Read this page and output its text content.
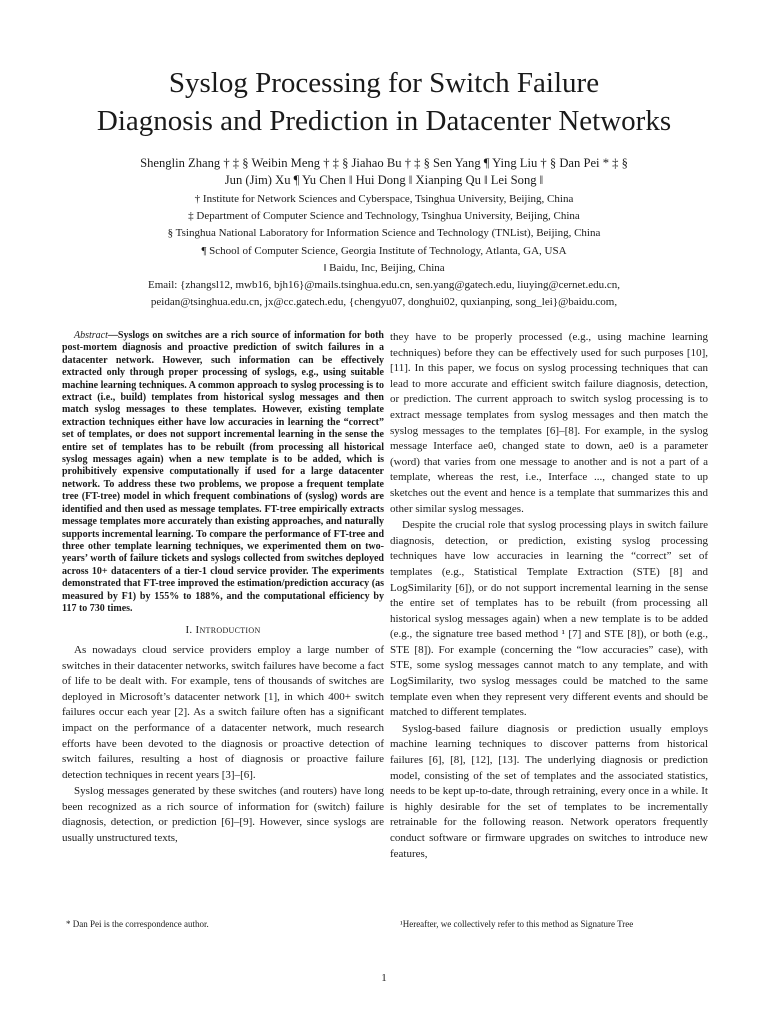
Syslog Processing for Switch Failure
Diagnosis and Prediction in Datacenter Networks
Shenglin Zhang † ‡ § Weibin Meng † ‡ § Jiahao Bu † ‡ § Sen Yang ¶ Ying Liu † § Dan Pei * ‡ §
Jun (Jim) Xu ¶ Yu Chen ‖ Hui Dong ‖ Xianping Qu ‖ Lei Song ‖
† Institute for Network Sciences and Cyberspace, Tsinghua University, Beijing, China
‡ Department of Computer Science and Technology, Tsinghua University, Beijing, China
§ Tsinghua National Laboratory for Information Science and Technology (TNList), Beijing, China
¶ School of Computer Science, Georgia Institute of Technology, Atlanta, GA, USA
‖ Baidu, Inc, Beijing, China
Email: {zhangsl12, mwb16, bjh16}@mails.tsinghua.edu.cn, sen.yang@gatech.edu, liuying@cernet.edu.cn,
peidan@tsinghua.edu.cn, jx@cc.gatech.edu, {chengyu07, donghui02, quxianping, song_lei}@baidu.com,

Abstract—Syslogs on switches are a rich source of information for both post-mortem diagnosis and proactive prediction of switch failures in a datacenter network. However, such information can be effectively extracted only through proper processing of syslogs, e.g., using suitable machine learning techniques. A common approach to syslog processing is to extract (i.e., build) templates from historical syslog messages and then match syslog messages to these templates. However, existing template extraction techniques either have low accuracies in learning the “correct” set of templates, or does not support incremental learning in the sense the entire set of templates has to be rebuilt (from processing all historical syslog messages again) when a new template is to be added, which is prohibitively expensive computationally if used for a large datacenter network. To address these two problems, we propose a frequent template tree (FT-tree) model in which frequent combinations of (syslog) words are identified and then used as message templates. FT-tree empirically extracts message templates more accurately than existing approaches, and naturally supports incremental learning. To compare the performance of FT-tree and three other template learning techniques, we experimented them on two-years’ worth of failure tickets and syslogs collected from switches deployed across 10+ datacenters of a tier-1 cloud service provider. The experiments demonstrated that FT-tree improved the estimation/prediction accuracy (as measured by F1) by 155% to 188%, and the computational efficiency by 117 to 730 times.

I. Introduction

As nowadays cloud service providers employ a large number of switches in their datacenter networks, switch failures have become a fact of life to be dealt with. For example, tens of thousands of switches are deployed in Microsoft’s datacenter network [1], in which 400+ switch failures occur each year [2]. As a switch failure often has a significant impact on the performance of a datacenter network, much research efforts have been devoted to the diagnosis or proactive detection of switch failures, resulting a host of diagnosis or proactive failure detection techniques in recent years [3]–[6].

Syslog messages generated by these switches (and routers) have long been recognized as a rich source of information for (switch) failure diagnosis, detection, or prediction [6]–[9]. However, since syslogs are usually unstructured texts,

they have to be properly processed (e.g., using machine learning techniques) before they can be effectively used for such purposes [10], [11]. In this paper, we focus on syslog processing techniques that can lead to more accurate and efficient switch failure diagnosis, detection, or prediction. The current approach to switch syslog processing is to extract message templates from syslog messages and then match the syslog messages to the templates [6]–[8]. For example, in the syslog message Interface ae0, changed state to down, ae0 is a parameter (word) that varies from one message to another and is not a part of a template, whereas the rest, i.e., Interface ..., changed state to up sketches out the event and hence is a template that summarizes this and other similar syslog messages.

Despite the crucial role that syslog processing plays in switch failure diagnosis, detection, or prediction, existing syslog processing techniques have low accuracies in learning the “correct” set of templates (e.g., Statistical Template Extraction (STE) [8] and LogSimilarity [6]), or do not support incremental learning in the sense the entire set of templates has to be rebuilt (from processing all historical syslog messages again) when a new template is to be added (e.g., the signature tree based method ¹ [7] and STE [8]), or both (e.g., STE [8]). For example (concerning the “low accuracies” case), with STE, some syslog messages cannot match to any template, and with LogSimilarity, two syslog messages could be matched to the same template even when they represent very different events and should be matched to different templates.

Syslog-based failure diagnosis or prediction usually employs machine learning techniques to discover patterns from historical failures [6], [8], [12], [13]. The underlying diagnosis or prediction model, consisting of the set of templates and the associated statistics, needs to be kept up-to-date, through retraining, every once in a while. It is highly desirable for the set of templates to be incrementally retrainable for the following reason. Network operators frequently conduct software or firmware upgrades on switches to introduce new features,

* Dan Pei is the correspondence author.	¹Hereafter, we collectively refer to this method as Signature Tree
1
